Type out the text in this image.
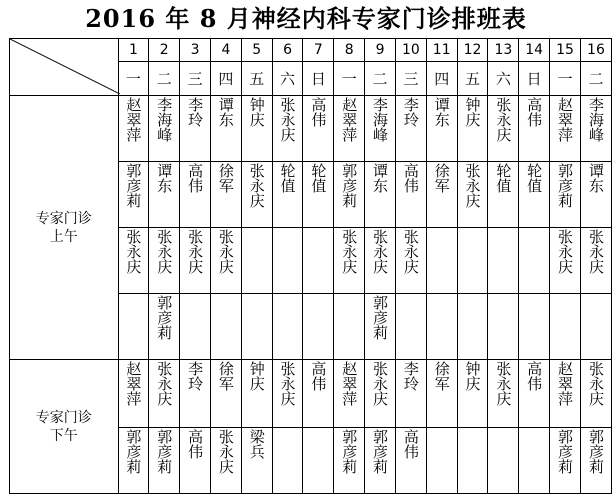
2016 年 8 月神经内科专家门诊排班表
	1	2	3	4	5	6	7	8	9	10	11	12	13	14	15	16
	一	二	三	四	五	六	日	一	二	三	四	五	六	日	一	二

专家门诊
上午	赵翠萍	李海峰	李玲	谭东	钟庆	张永庆	高伟	赵翠萍	李海峰	李玲	谭东	钟庆	张永庆	高伟	赵翠萍	李海峰

	郭彦莉	谭东	高伟	徐军	张永庆	轮值	轮值	郭彦莉	谭东	高伟	徐军	张永庆	轮值	轮值	郭彦莉	谭东

	张永庆	张永庆	张永庆	张永庆				张永庆	张永庆	张永庆					张永庆	张永庆

		郭彦莉							郭彦莉							

专家门诊
下午	赵翠萍	张永庆	李玲	徐军	钟庆	张永庆	高伟	赵翠萍	张永庆	李玲	徐军	钟庆	张永庆	高伟	赵翠萍	张永庆

	郭彦莉	郭彦莉	高伟	张永庆	梁兵			郭彦莉	郭彦莉	高伟					郭彦莉	郭彦莉
